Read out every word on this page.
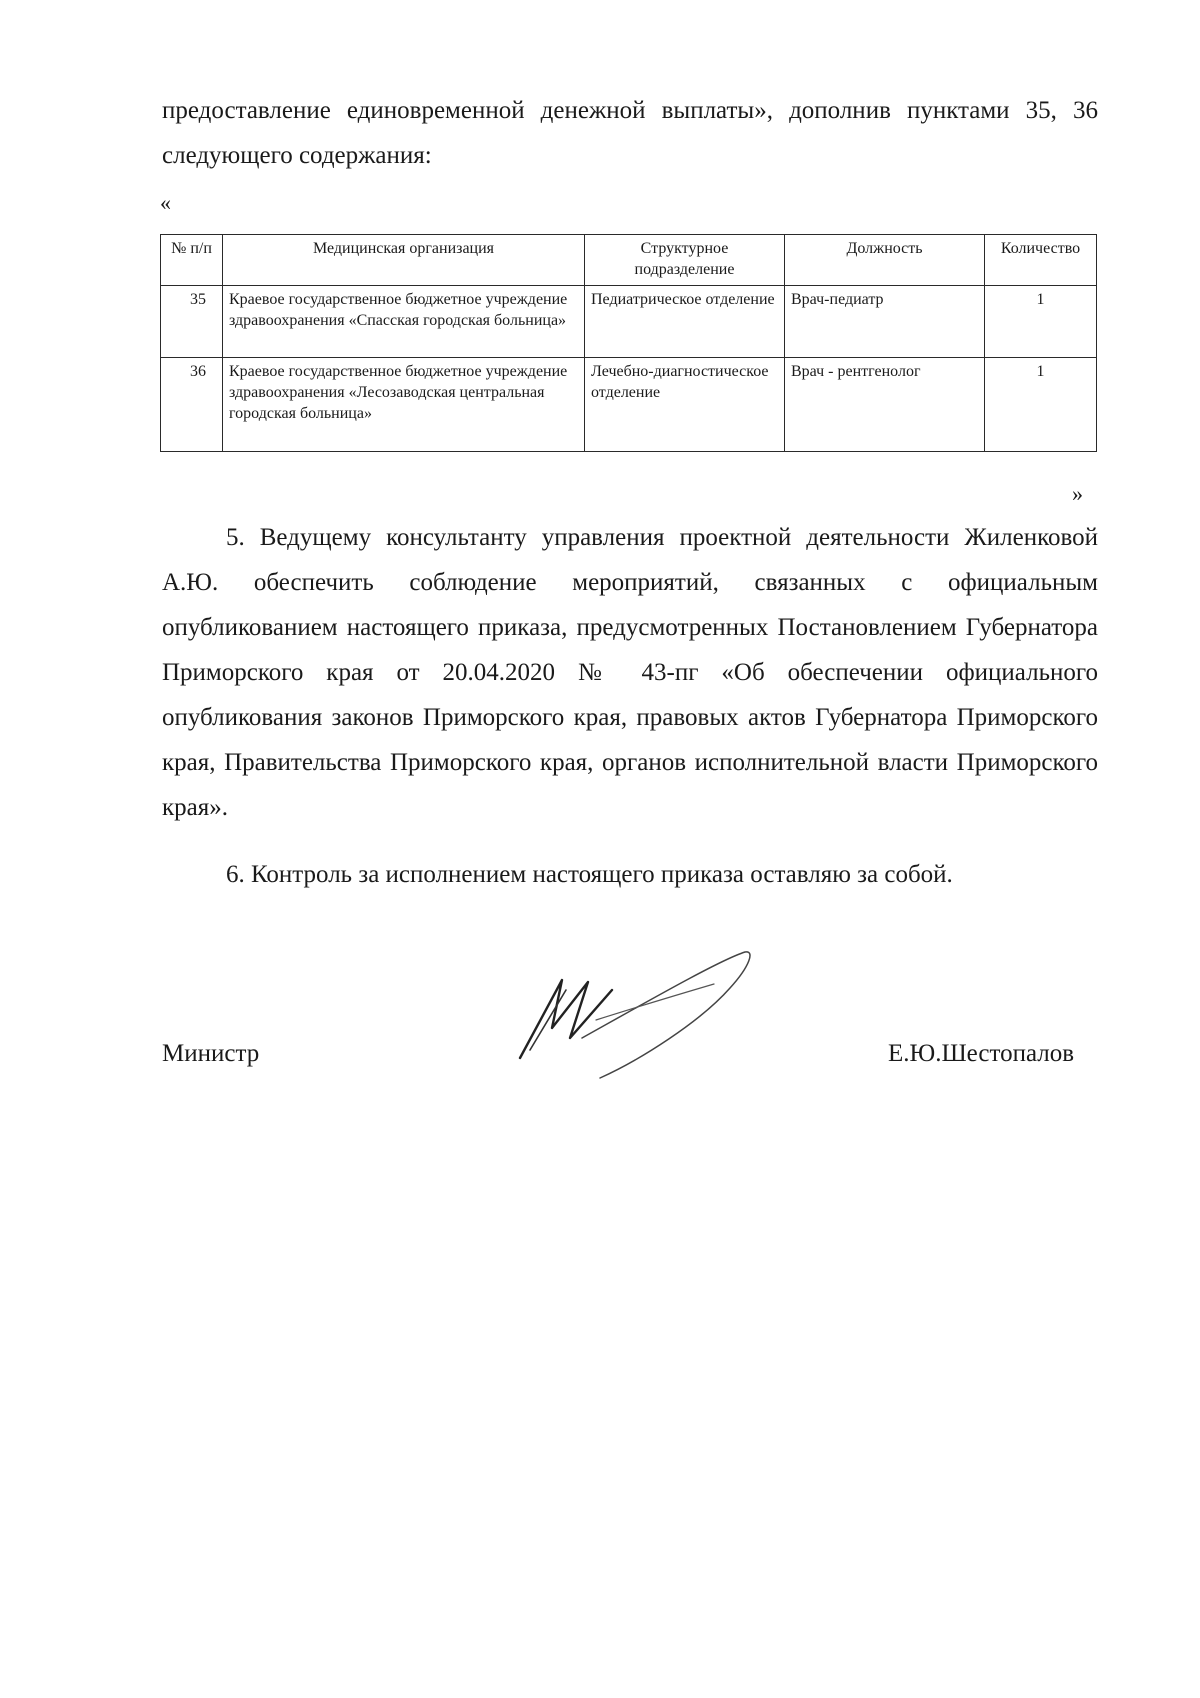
предоставление единовременной денежной выплаты», дополнив пунктами 35, 36 следующего содержания:

«
№ п/п	Медицинская организация	Структурное подразделение	Должность	Количество
35	Краевое государственное бюджетное учреждение здравоохранения «Спасская городская больница»	Педиатрическое отделение	Врач-педиатр	1
36	Краевое государственное бюджетное учреждение здравоохранения «Лесозаводская центральная городская больница»	Лечебно-диагностическое отделение	Врач - рентгенолог	1
»

5. Ведущему консультанту управления проектной деятельности Жиленковой А.Ю. обеспечить соблюдение мероприятий, связанных с официальным опубликованием настоящего приказа, предусмотренных Постановлением Губернатора Приморского края от 20.04.2020 № 43-пг «Об обеспечении официального опубликования законов Приморского края, правовых актов Губернатора Приморского края, Правительства Приморского края, органов исполнительной власти Приморского края».

6. Контроль за исполнением настоящего приказа оставляю за собой.

Министр	Е.Ю.Шестопалов
